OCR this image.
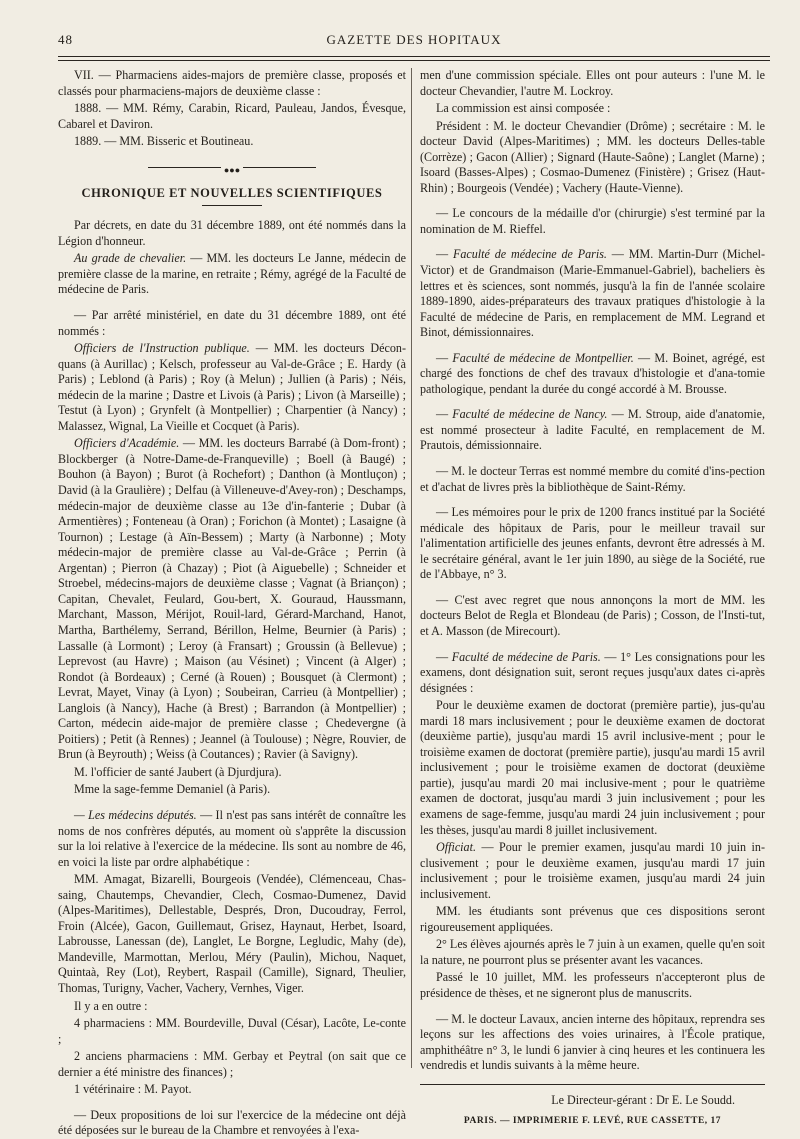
48	GAZETTE DES HOPITAUX

VII. — Pharmaciens aides-majors de première classe, proposés et classés pour pharmaciens-majors de deuxième classe :

1888. — MM. Rémy, Carabin, Ricard, Pauleau, Jandos, Évesque, Cabarel et Daviron.

1889. — MM. Bisseric et Boutineau.

●●●
CHRONIQUE ET NOUVELLES SCIENTIFIQUES

Par décrets, en date du 31 décembre 1889, ont été nommés dans la Légion d'honneur.

Au grade de chevalier. — MM. les docteurs Le Janne, médecin de première classe de la marine, en retraite ; Rémy, agrégé de la Faculté de médecine de Paris.

— Par arrêté ministériel, en date du 31 décembre 1889, ont été nommés :

Officiers de l'Instruction publique. — MM. les docteurs Décon-quans (à Aurillac) ; Kelsch, professeur au Val-de-Grâce ; E. Hardy (à Paris) ; Leblond (à Paris) ; Roy (à Melun) ; Jullien (à Paris) ; Néis, médecin de la marine ; Dastre et Livois (à Paris) ; Livon (à Marseille) ; Testut (à Lyon) ; Grynfelt (à Montpellier) ; Charpentier (à Nancy) ; Malassez, Wignal, La Vieille et Cocquet (à Paris).

Officiers d'Académie. — MM. les docteurs Barrabé (à Dom-front) ; Blockberger (à Notre-Dame-de-Franqueville) ; Boell (à Baugé) ; Bouhon (à Bayon) ; Burot (à Rochefort) ; Danthon (à Montluçon) ; David (à la Graulière) ; Delfau (à Villeneuve-d'Avey-ron) ; Deschamps, médecin-major de deuxième classe au 13e d'in-fanterie ; Dubar (à Armentières) ; Fonteneau (à Oran) ; Forichon (à Montet) ; Lasaigne (à Tournon) ; Lestage (à Aïn-Bessem) ; Marty (à Narbonne) ; Moty médecin-major de première classe au Val-de-Grâce ; Perrin (à Argentan) ; Pierron (à Chazay) ; Piot (à Aiguebelle) ; Schneider et Stroebel, médecins-majors de deuxième classe ; Vagnat (à Briançon) ; Capitan, Chevalet, Feulard, Gou-bert, X. Gouraud, Haussmann, Marchant, Masson, Mérijot, Rouil-lard, Gérard-Marchand, Hanot, Martha, Barthélemy, Serrand, Bérillon, Helme, Beurnier (à Paris) ; Lassalle (à Lormont) ; Leroy (à Fransart) ; Groussin (à Bellevue) ; Leprevost (au Havre) ; Maison (au Vésinet) ; Vincent (à Alger) ; Rondot (à Bordeaux) ; Cerné (à Rouen) ; Bousquet (à Clermont) ; Levrat, Mayet, Vinay (à Lyon) ; Soubeiran, Carrieu (à Montpellier) ; Langlois (à Nancy), Hache (à Brest) ; Barrandon (à Montpellier) ; Carton, médecin aide-major de première classe ; Chedevergne (à Poitiers) ; Petit (à Rennes) ; Jeannel (à Toulouse) ; Nègre, Rouvier, de Brun (à Beyrouth) ; Weiss (à Coutances) ; Ravier (à Savigny).

M. l'officier de santé Jaubert (à Djurdjura).

Mme la sage-femme Demaniel (à Paris).

— Les médecins députés. — Il n'est pas sans intérêt de connaître les noms de nos confrères députés, au moment où s'apprête la discussion sur la loi relative à l'exercice de la médecine. Ils sont au nombre de 46, en voici la liste par ordre alphabétique :

MM. Amagat, Bizarelli, Bourgeois (Vendée), Clémenceau, Chas-saing, Chautemps, Chevandier, Clech, Cosmao-Dumenez, David (Alpes-Maritimes), Dellestable, Després, Dron, Ducoudray, Ferrol, Froin (Alcée), Gacon, Guillemaut, Grisez, Haynaut, Herbet, Isoard, Labrousse, Lanessan (de), Langlet, Le Borgne, Legludic, Mahy (de), Mandeville, Marmottan, Merlou, Méry (Paulin), Michou, Naquet, Quintaà, Rey (Lot), Reybert, Raspail (Camille), Signard, Theulier, Thomas, Turigny, Vacher, Vachery, Vernhes, Viger.

Il y a en outre :

4 pharmaciens : MM. Bourdeville, Duval (César), Lacôte, Le-conte ;

2 anciens pharmaciens : MM. Gerbay et Peytral (on sait que ce dernier a été ministre des finances) ;

1 vétérinaire : M. Payot.

— Deux propositions de loi sur l'exercice de la médecine ont déjà été déposées sur le bureau de la Chambre et renvoyées à l'exa-

men d'une commission spéciale. Elles ont pour auteurs : l'une M. le docteur Chevandier, l'autre M. Lockroy.

La commission est ainsi composée :

Président : M. le docteur Chevandier (Drôme) ; secrétaire : M. le docteur David (Alpes-Maritimes) ; MM. les docteurs Delles-table (Corrèze) ; Gacon (Allier) ; Signard (Haute-Saône) ; Langlet (Marne) ; Isoard (Basses-Alpes) ; Cosmao-Dumenez (Finistère) ; Grisez (Haut-Rhin) ; Bourgeois (Vendée) ; Vachery (Haute-Vienne).

— Le concours de la médaille d'or (chirurgie) s'est terminé par la nomination de M. Rieffel.

— Faculté de médecine de Paris. — MM. Martin-Durr (Michel-Victor) et de Grandmaison (Marie-Emmanuel-Gabriel), bacheliers ès lettres et ès sciences, sont nommés, jusqu'à la fin de l'année scolaire 1889-1890, aides-préparateurs des travaux pratiques d'histologie à la Faculté de médecine de Paris, en remplacement de MM. Legrand et Binot, démissionnaires.

— Faculté de médecine de Montpellier. — M. Boinet, agrégé, est chargé des fonctions de chef des travaux d'histologie et d'ana-tomie pathologique, pendant la durée du congé accordé à M. Brousse.

— Faculté de médecine de Nancy. — M. Stroup, aide d'anatomie, est nommé prosecteur à ladite Faculté, en remplacement de M. Prautois, démissionnaire.

— M. le docteur Terras est nommé membre du comité d'ins-pection et d'achat de livres près la bibliothèque de Saint-Rémy.

— Les mémoires pour le prix de 1200 francs institué par la Société médicale des hôpitaux de Paris, pour le meilleur travail sur l'alimentation artificielle des jeunes enfants, devront être adressés à M. le secrétaire général, avant le 1er juin 1890, au siège de la Société, rue de l'Abbaye, n° 3.

— C'est avec regret que nous annonçons la mort de MM. les docteurs Belot de Regla et Blondeau (de Paris) ; Cosson, de l'Insti-tut, et A. Masson (de Mirecourt).

— Faculté de médecine de Paris. — 1° Les consignations pour les examens, dont désignation suit, seront reçues jusqu'aux dates ci-après désignées :

Pour le deuxième examen de doctorat (première partie), jus-qu'au mardi 18 mars inclusivement ; pour le deuxième examen de doctorat (deuxième partie), jusqu'au mardi 15 avril inclusive-ment ; pour le troisième examen de doctorat (première partie), jusqu'au mardi 15 avril inclusivement ; pour le troisième examen de doctorat (deuxième partie), jusqu'au mardi 20 mai inclusive-ment ; pour le quatrième examen de doctorat, jusqu'au mardi 3 juin inclusivement ; pour les examens de sage-femme, jusqu'au mardi 24 juin inclusivement ; pour les thèses, jusqu'au mardi 8 juillet inclusivement.

Officiat. — Pour le premier examen, jusqu'au mardi 10 juin in-clusivement ; pour le deuxième examen, jusqu'au mardi 17 juin inclusivement ; pour le troisième examen, jusqu'au mardi 24 juin inclusivement.

MM. les étudiants sont prévenus que ces dispositions seront rigoureusement appliquées.

2° Les élèves ajournés après le 7 juin à un examen, quelle qu'en soit la nature, ne pourront plus se présenter avant les vacances.

Passé le 10 juillet, MM. les professeurs n'accepteront plus de présidence de thèses, et ne signeront plus de manuscrits.

— M. le docteur Lavaux, ancien interne des hôpitaux, reprendra ses leçons sur les affections des voies urinaires, à l'École pratique, amphithéâtre n° 3, le lundi 6 janvier à cinq heures et les continuera les vendredis et lundis suivants à la même heure.

Le Directeur-gérant : Dr E. Le Soudd.

PARIS. — IMPRIMERIE F. LEVÉ, RUE CASSETTE, 17
